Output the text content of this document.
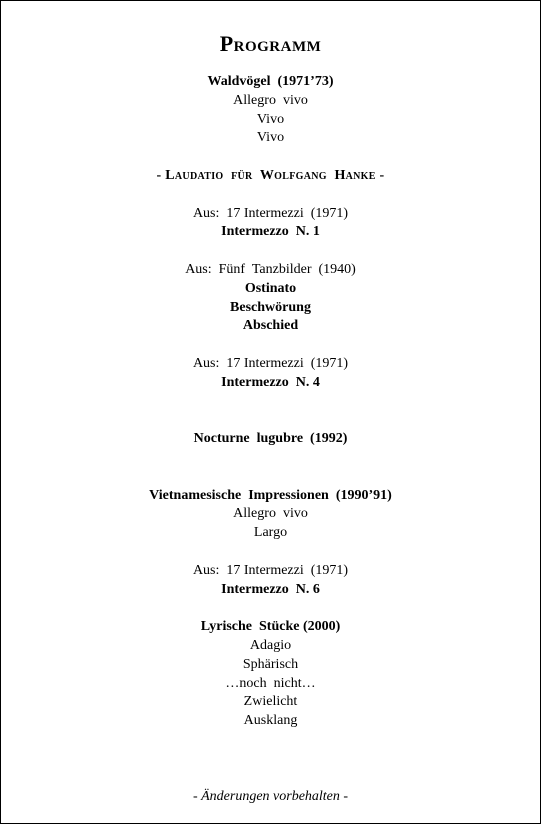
Programm
Waldvögel  (1971’73)
Allegro  vivo
Vivo
Vivo
- Laudatio  für  Wolfgang  Hanke -
Aus:  17 Intermezzi  (1971)
Intermezzo  N. 1
Aus:  Fünf  Tanzbilder  (1940)
Ostinato
Beschwörung
Abschied
Aus:  17 Intermezzi  (1971)
Intermezzo  N. 4
Nocturne  lugubre  (1992)
Vietnamesische  Impressionen  (1990’91)
Allegro  vivo
Largo
Aus:  17 Intermezzi  (1971)
Intermezzo  N. 6
Lyrische  Stücke (2000)
Adagio
Sphärisch
…noch  nicht…
Zwielicht
Ausklang
- Änderungen vorbehalten -
